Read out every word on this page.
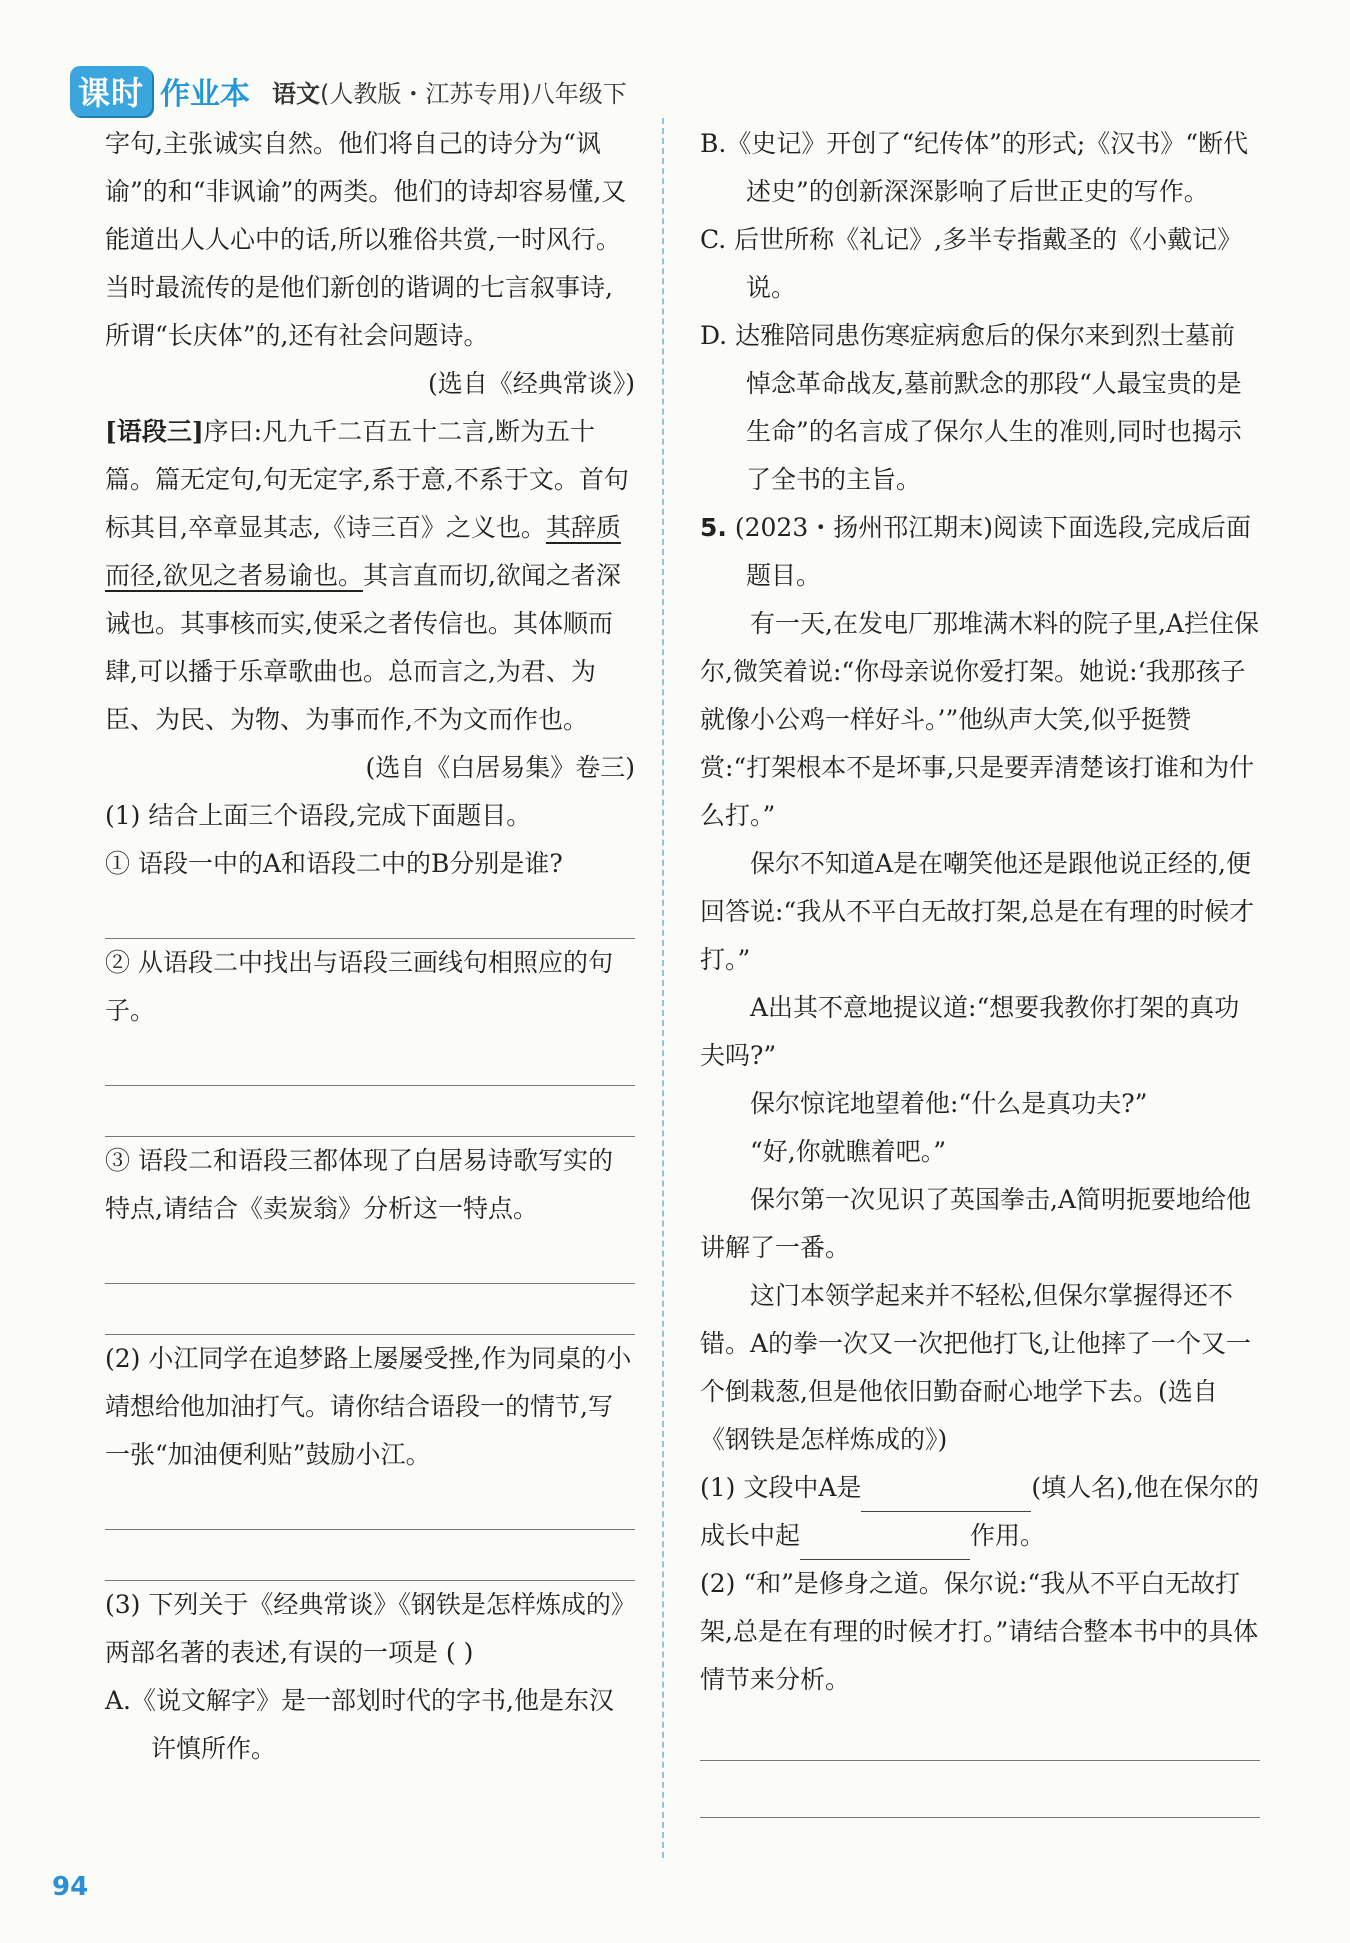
课时 作业本 语文(人教版・江苏专用)八年级下

字句,主张诚实自然。他们将自己的诗分为“讽谕”的和“非讽谕”的两类。他们的诗却容易懂,又能道出人人心中的话,所以雅俗共赏,一时风行。当时最流传的是他们新创的谐调的七言叙事诗,所谓“长庆体”的,还有社会问题诗。

(选自《经典常谈》)

[语段三]序曰:凡九千二百五十二言,断为五十篇。篇无定句,句无定字,系于意,不系于文。首句标其目,卒章显其志,《诗三百》之义也。其辞质而径,欲见之者易谕也。其言直而切,欲闻之者深诫也。其事核而实,使采之者传信也。其体顺而肆,可以播于乐章歌曲也。总而言之,为君、为臣、为民、为物、为事而作,不为文而作也。

(选自《白居易集》卷三)

(1) 结合上面三个语段,完成下面题目。

① 语段一中的A和语段二中的B分别是谁?

② 从语段二中找出与语段三画线句相照应的句子。

③ 语段二和语段三都体现了白居易诗歌写实的特点,请结合《卖炭翁》分析这一特点。

(2) 小江同学在追梦路上屡屡受挫,作为同桌的小靖想给他加油打气。请你结合语段一的情节,写一张“加油便利贴”鼓励小江。

(3) 下列关于《经典常谈》《钢铁是怎样炼成的》两部名著的表述,有误的一项是 ( )

A.《说文解字》是一部划时代的字书,他是东汉许慎所作。

B.《史记》开创了“纪传体”的形式;《汉书》“断代述史”的创新深深影响了后世正史的写作。

C. 后世所称《礼记》,多半专指戴圣的《小戴记》说。

D. 达雅陪同患伤寒症病愈后的保尔来到烈士墓前悼念革命战友,墓前默念的那段“人最宝贵的是生命”的名言成了保尔人生的准则,同时也揭示了全书的主旨。

5. (2023・扬州邗江期末)阅读下面选段,完成后面题目。

有一天,在发电厂那堆满木料的院子里,A拦住保尔,微笑着说:“你母亲说你爱打架。她说:‘我那孩子就像小公鸡一样好斗。’”他纵声大笑,似乎挺赞赏:“打架根本不是坏事,只是要弄清楚该打谁和为什么打。”

保尔不知道A是在嘲笑他还是跟他说正经的,便回答说:“我从不平白无故打架,总是在有理的时候才打。”

A出其不意地提议道:“想要我教你打架的真功夫吗?”

保尔惊诧地望着他:“什么是真功夫?”

“好,你就瞧着吧。”

保尔第一次见识了英国拳击,A简明扼要地给他讲解了一番。

这门本领学起来并不轻松,但保尔掌握得还不错。A的拳一次又一次把他打飞,让他摔了一个又一个倒栽葱,但是他依旧勤奋耐心地学下去。(选自《钢铁是怎样炼成的》)

(1) 文段中A是	(填人名),他在保尔的成长中起	作用。

(2) “和”是修身之道。保尔说:“我从不平白无故打架,总是在有理的时候才打。”请结合整本书中的具体情节来分析。

94
